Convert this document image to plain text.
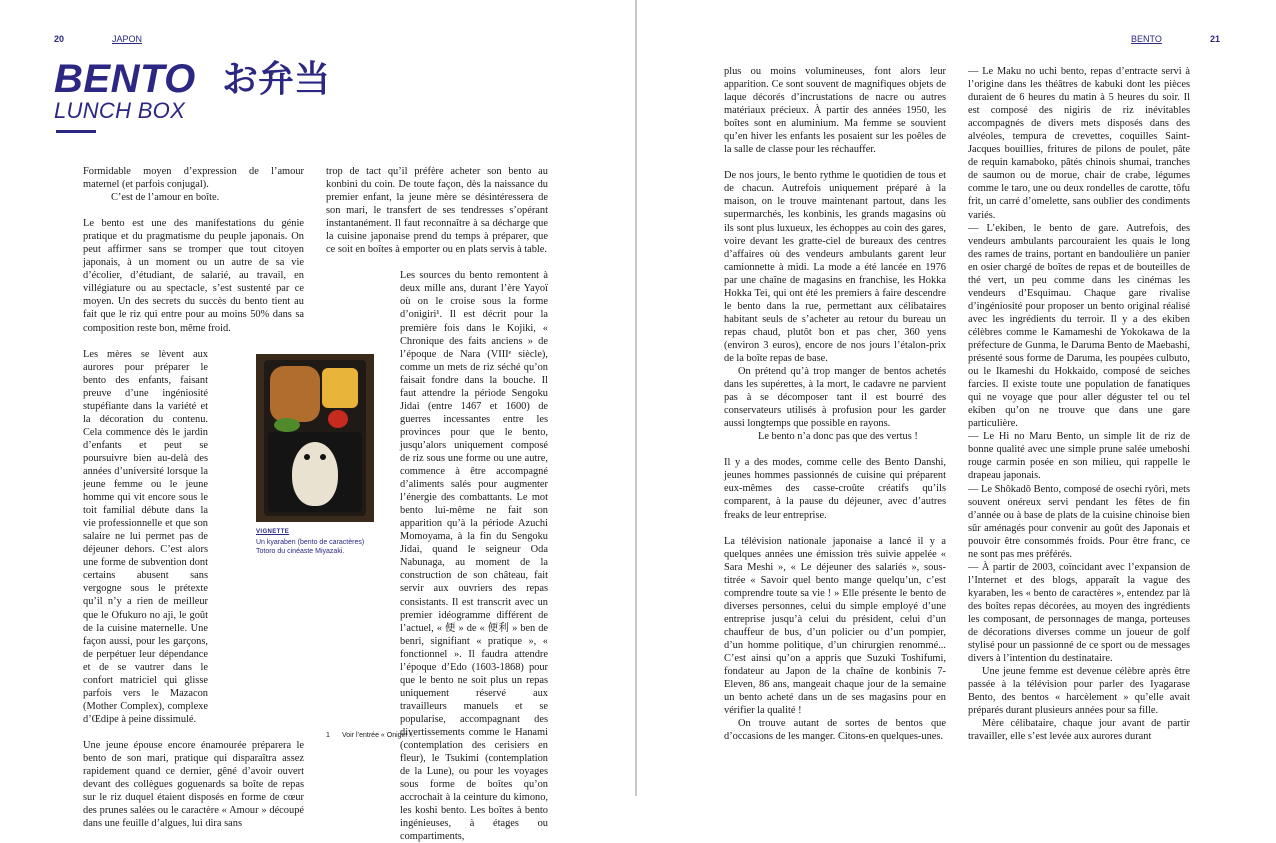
20	JAPON
BENTO お弁当
LUNCH BOX

Formidable moyen d’expression de l’amour maternel (et parfois conjugal).

C’est de l’amour en boîte.

Le bento est une des manifestations du génie pratique et du pragmatisme du peuple japonais. On peut affirmer sans se tromper que tout citoyen japonais, à un moment ou un autre de sa vie d’écolier, d’étudiant, de salarié, au travail, en villégiature ou au spectacle, s’est sustenté par ce moyen. Un des secrets du succès du bento tient au fait que le riz qui entre pour au moins 50% dans sa composition reste bon, même froid.

Les mères se lèvent aux aurores pour préparer le bento des enfants, faisant preuve d’une ingéniosité stupéfiante dans la variété et la décoration du contenu. Cela commence dès le jardin d’enfants et peut se poursuivre bien au-delà des années d’université lorsque la jeune femme ou le jeune homme qui vit encore sous le toit familial débute dans la vie professionnelle et que son salaire ne lui permet pas de déjeuner dehors. C’est alors une forme de subvention dont certains abusent sans vergogne sous le prétexte qu’il n’y a rien de meilleur que le Ofukuro no aji, le goût de la cuisine maternelle. Une façon aussi, pour les garçons, de perpétuer leur dépendance et de se vautrer dans le confort matriciel qui glisse parfois vers le Mazacon (Mother Complex), complexe d’Œdipe à peine dissimulé.

Une jeune épouse encore énamourée préparera le bento de son mari, pratique qui disparaîtra assez rapidement quand ce dernier, gêné d’avoir ouvert devant des collègues goguenards sa boîte de repas sur le riz duquel étaient disposés en forme de cœur des prunes salées ou le caractère « Amour » découpé dans une feuille d’algues, lui dira sans

trop de tact qu’il préfère acheter son bento au konbini du coin. De toute façon, dès la naissance du premier enfant, la jeune mère se désintéressera de son mari, le transfert de ses tendresses s’opérant instantanément. Il faut reconnaître à sa décharge que la cuisine japonaise prend du temps à préparer, que ce soit en boîtes à emporter ou en plats servis à table.

Les sources du bento remontent à deux mille ans, durant l’ère Yayoï où on le croise sous la forme d’onigiri¹. Il est décrit pour la première fois dans le Kojiki, « Chronique des faits anciens » de l’époque de Nara (VIIIᵉ siècle), comme un mets de riz séché qu’on faisait fondre dans la bouche. Il faut attendre la période Sengoku Jidai (entre 1467 et 1600) de guerres incessantes entre les provinces pour que le bento, jusqu’alors uniquement composé de riz sous une forme ou une autre, commence à être accompagné d’aliments salés pour augmenter l’énergie des combattants. Le mot bento lui-même ne fait son apparition qu’à la période Azuchi Momoyama, à la fin du Sengoku Jidai, quand le seigneur Oda Nabunaga, au moment de la construction de son château, fait servir aux ouvriers des repas consistants. Il est transcrit avec un premier idéogramme différent de l’actuel, « 便 » de « 便利 » ben de benri, signifiant « pratique », « fonctionnel ». Il faudra attendre l’époque d’Edo (1603-1868) pour que le bento ne soit plus un repas uniquement réservé aux travailleurs manuels et se popularise, accompagnant des divertissements comme le Hanami (contemplation des cerisiers en fleur), le Tsukimi (contemplation de la Lune), ou pour les voyages sous forme de boîtes qu’on accrochait à la ceinture du kimono, les koshi bento. Les boîtes à bento ingénieuses, à étages ou compartiments,

VIGNETTE
Un kyaraben (bento de caractères) Totoro du cinéaste Miyazaki.
1 Voir l’entrée « Onigiri ».
BENTO	21

plus ou moins volumineuses, font alors leur apparition. Ce sont souvent de magnifiques objets de laque décorés d’incrustations de nacre ou autres matériaux précieux. À partir des années 1950, les boîtes sont en aluminium. Ma femme se souvient qu’en hiver les enfants les posaient sur les poêles de la salle de classe pour les réchauffer.

De nos jours, le bento rythme le quotidien de tous et de chacun. Autrefois uniquement préparé à la maison, on le trouve maintenant partout, dans les supermarchés, les konbinis, les grands magasins où ils sont plus luxueux, les échoppes au coin des gares, voire devant les gratte-ciel de bureaux des centres d’affaires où des vendeurs ambulants garent leur camionnette à midi. La mode a été lancée en 1976 par une chaîne de magasins en franchise, les Hokka Hokka Tei, qui ont été les premiers à faire descendre le bento dans la rue, permettant aux célibataires habitant seuls de s’acheter au retour du bureau un repas chaud, plutôt bon et pas cher, 360 yens (environ 3 euros), encore de nos jours l’étalon-prix de la boîte repas de base.

On prétend qu’à trop manger de bentos achetés dans les supérettes, à la mort, le cadavre ne parvient pas à se décomposer tant il est bourré des conservateurs utilisés à profusion pour les garder aussi longtemps que possible en rayons.

Le bento n’a donc pas que des vertus !

Il y a des modes, comme celle des Bento Danshi, jeunes hommes passionnés de cuisine qui préparent eux-mêmes des casse-croûte créatifs qu’ils comparent, à la pause du déjeuner, avec d’autres freaks de leur entreprise.

La télévision nationale japonaise a lancé il y a quelques années une émission très suivie appelée « Sara Meshi », « Le déjeuner des salariés », sous-titrée « Savoir quel bento mange quelqu’un, c’est comprendre toute sa vie ! » Elle présente le bento de diverses personnes, celui du simple employé d’une entreprise jusqu’à celui du président, celui d’un chauffeur de bus, d’un policier ou d’un pompier, d’un homme politique, d’un chirurgien renommé... C’est ainsi qu’on a appris que Suzuki Toshifumi, fondateur au Japon de la chaîne de konbinis 7-Eleven, 86 ans, mangeait chaque jour de la semaine un bento acheté dans un de ses magasins pour en vérifier la qualité !

On trouve autant de sortes de bentos que d’occasions de les manger. Citons-en quelques-unes.

— Le Maku no uchi bento, repas d’entracte servi à l’origine dans les théâtres de kabuki dont les pièces duraient de 6 heures du matin à 5 heures du soir. Il est composé des nigiris de riz inévitables accompagnés de divers mets disposés dans des alvéoles, tempura de crevettes, coquilles Saint-Jacques bouillies, fritures de pilons de poulet, pâte de requin kamaboko, pâtés chinois shumai, tranches de saumon ou de morue, chair de crabe, légumes comme le taro, une ou deux rondelles de carotte, tôfu frit, un carré d’omelette, sans oublier des condiments variés.

— L’ekiben, le bento de gare. Autrefois, des vendeurs ambulants parcouraient les quais le long des rames de trains, portant en bandoulière un panier en osier chargé de boîtes de repas et de bouteilles de thé vert, un peu comme dans les cinémas les vendeurs d’Esquimau. Chaque gare rivalise d’ingéniosité pour proposer un bento original réalisé avec les ingrédients du terroir. Il y a des ekiben célèbres comme le Kamameshi de Yokokawa de la préfecture de Gunma, le Daruma Bento de Maebashi, présenté sous forme de Daruma, les poupées culbuto, ou le Ikameshi du Hokkaido, composé de seiches farcies. Il existe toute une population de fanatiques qui ne voyage que pour aller déguster tel ou tel ekiben qu’on ne trouve que dans une gare particulière.

— Le Hi no Maru Bento, un simple lit de riz de bonne qualité avec une simple prune salée umeboshi rouge carmin posée en son milieu, qui rappelle le drapeau japonais.

— Le Shôkadô Bento, composé de osechi ryôri, mets souvent onéreux servi pendant les fêtes de fin d’année ou à base de plats de la cuisine chinoise bien sûr aménagés pour convenir au goût des Japonais et pouvoir être consommés froids. Pour être franc, ce ne sont pas mes préférés.

— À partir de 2003, coïncidant avec l’expansion de l’Internet et des blogs, apparaît la vague des kyaraben, les « bento de caractères », entendez par là des boîtes repas décorées, au moyen des ingrédients les composant, de personnages de manga, porteuses de décorations diverses comme un joueur de golf stylisé pour un passionné de ce sport ou de messages divers à l’intention du destinataire.

Une jeune femme est devenue célèbre après être passée à la télévision pour parler des Iyagarase Bento, des bentos « harcèlement » qu’elle avait préparés durant plusieurs années pour sa fille.

Mère célibataire, chaque jour avant de partir travailler, elle s’est levée aux aurores durant
